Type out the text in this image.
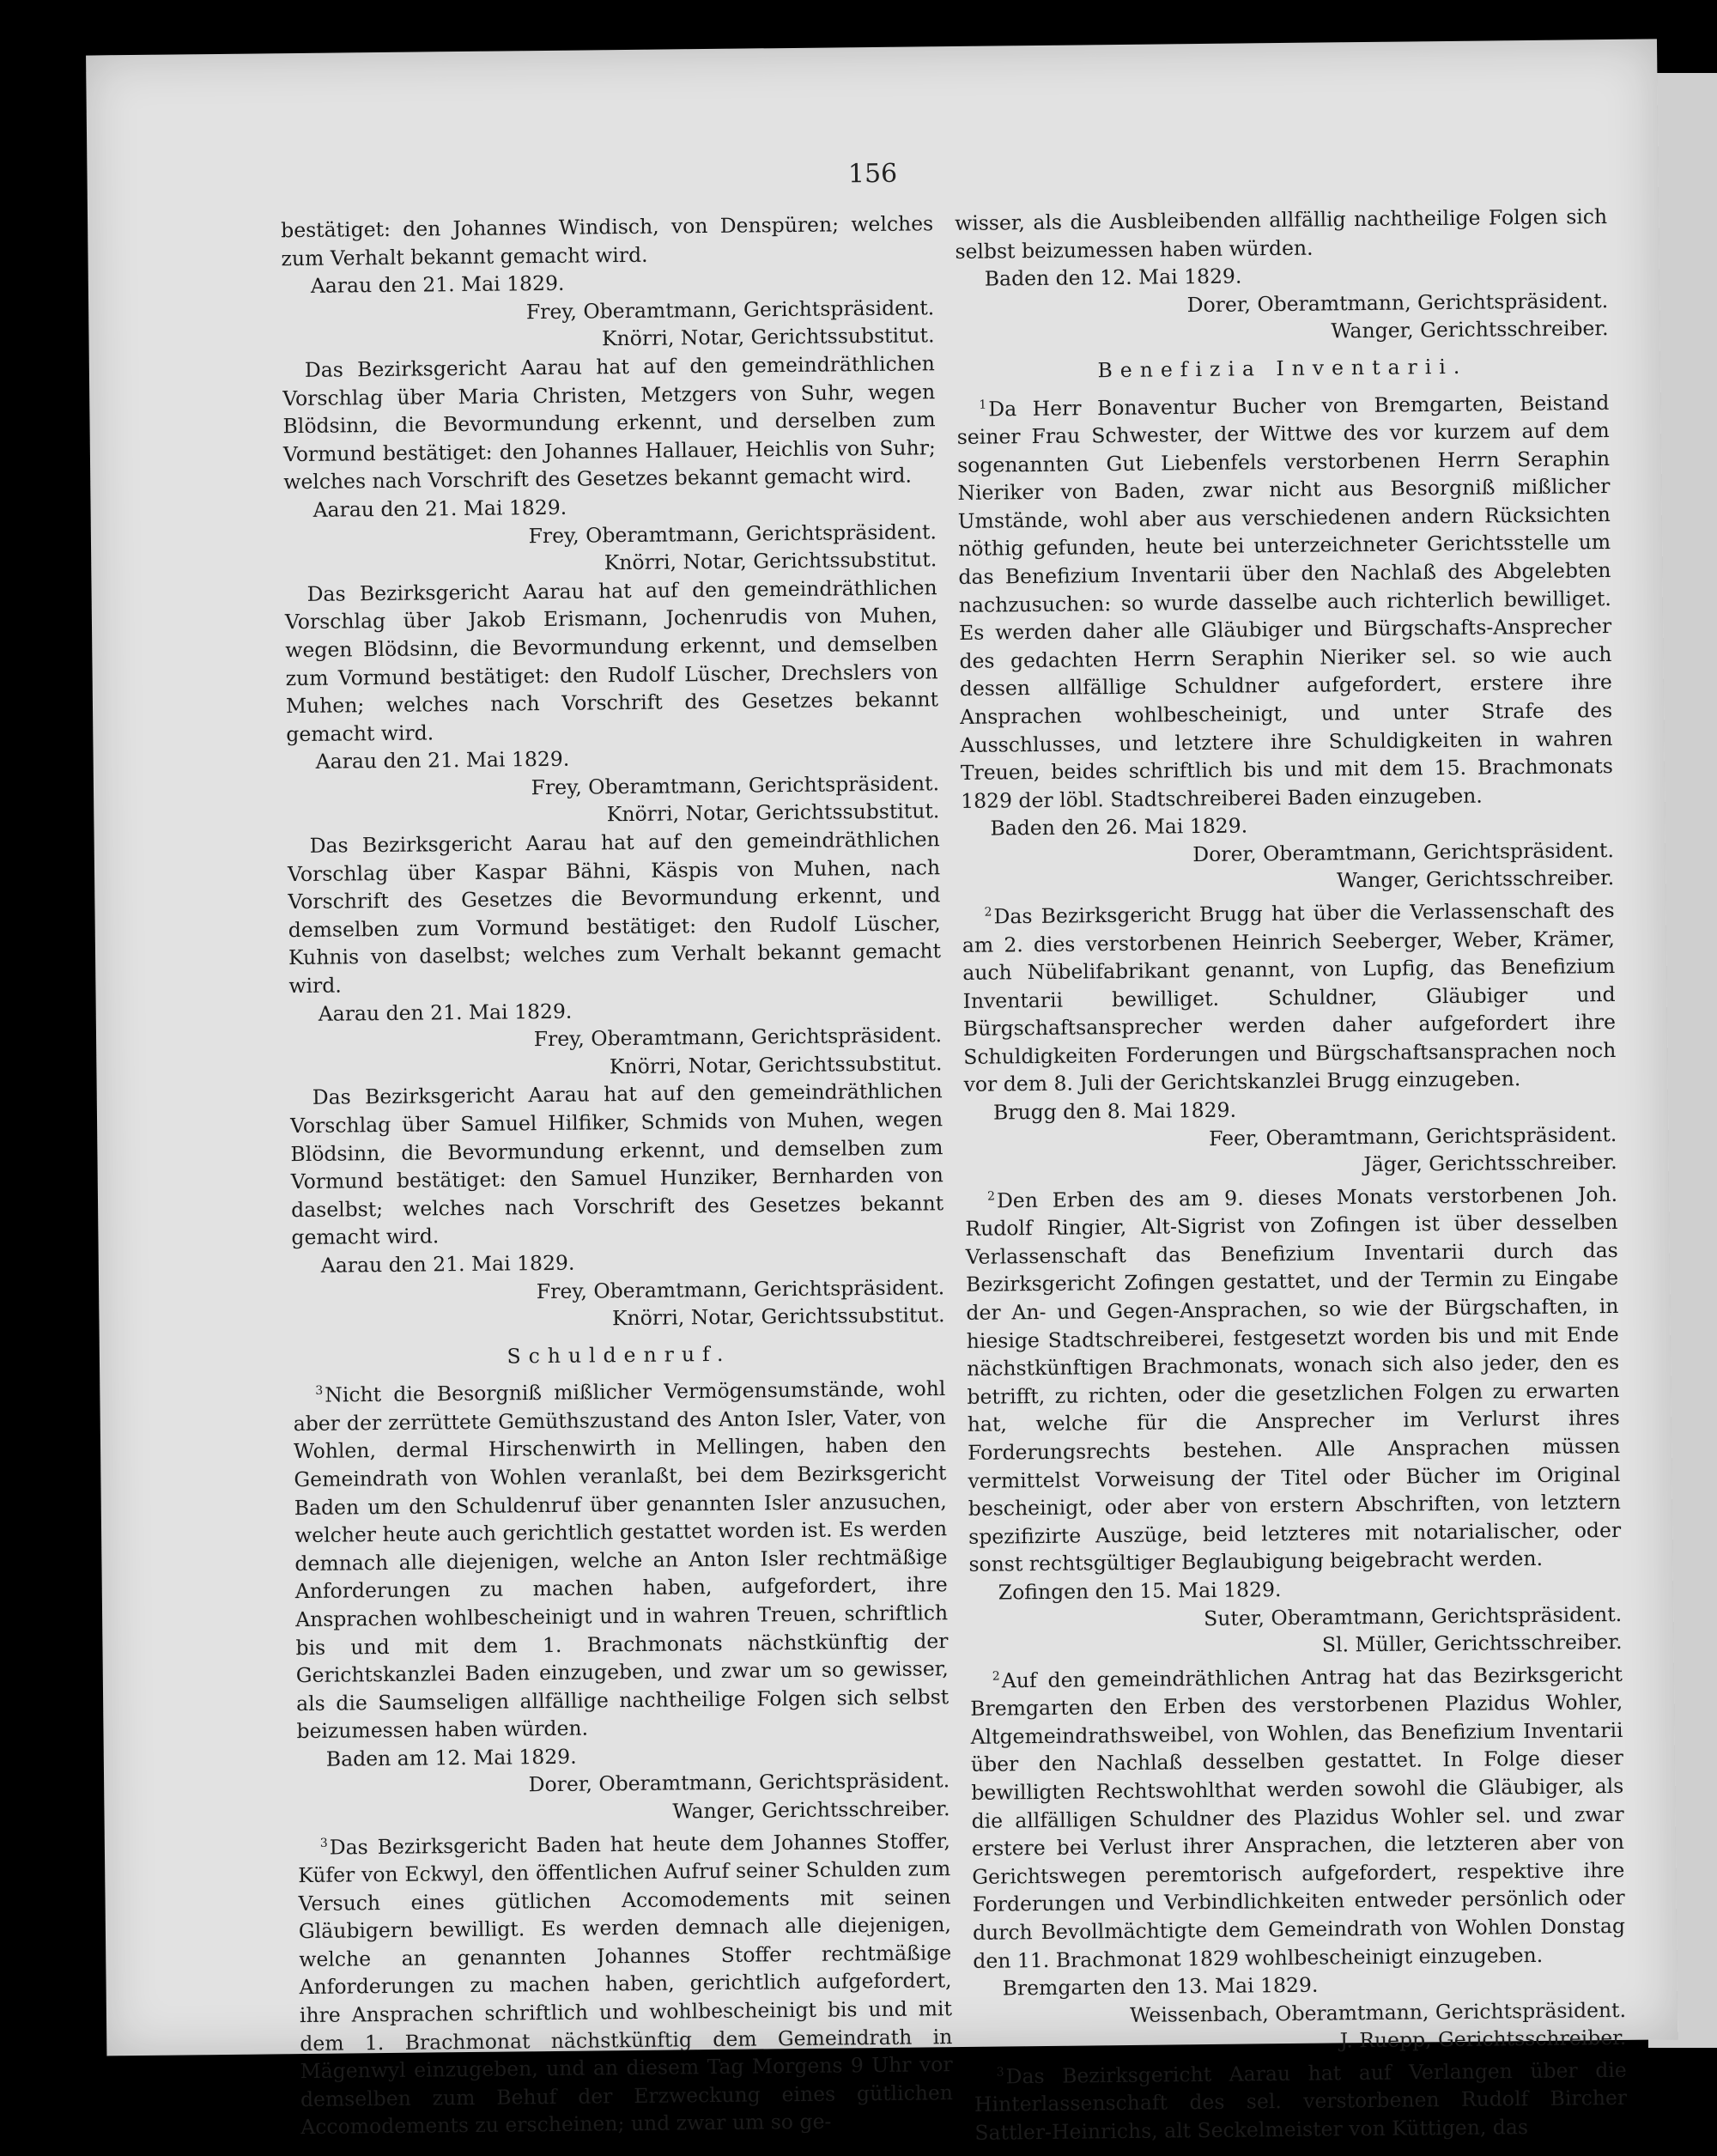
156
bestätiget: den Johannes Windisch, von Denspüren; welches zum Verhalt bekannt gemacht wird.
Aarau den 21. Mai 1829.
Frey, Oberamtmann, Gerichtspräsident.
Knörri, Notar, Gerichtssubstitut.
Das Bezirksgericht Aarau hat auf den gemeindräthlichen Vorschlag über Maria Christen, Metzgers von Suhr, wegen Blödsinn, die Bevormundung erkennt, und derselben zum Vormund bestätiget: den Johannes Hallauer, Heichlis von Suhr; welches nach Vorschrift des Gesetzes bekannt gemacht wird.
Aarau den 21. Mai 1829.
Frey, Oberamtmann, Gerichtspräsident.
Knörri, Notar, Gerichtssubstitut.
Das Bezirksgericht Aarau hat auf den gemeindräthlichen Vorschlag über Jakob Erismann, Jochenrudis von Muhen, wegen Blödsinn, die Bevormundung erkennt, und demselben zum Vormund bestätiget: den Rudolf Lüscher, Drechslers von Muhen; welches nach Vorschrift des Gesetzes bekannt gemacht wird.
Aarau den 21. Mai 1829.
Frey, Oberamtmann, Gerichtspräsident.
Knörri, Notar, Gerichtssubstitut.
Das Bezirksgericht Aarau hat auf den gemeindräthlichen Vorschlag über Kaspar Bähni, Käspis von Muhen, nach Vorschrift des Gesetzes die Bevormundung erkennt, und demselben zum Vormund bestätiget: den Rudolf Lüscher, Kuhnis von daselbst; welches zum Verhalt bekannt gemacht wird.
Aarau den 21. Mai 1829.
Frey, Oberamtmann, Gerichtspräsident.
Knörri, Notar, Gerichtssubstitut.
Das Bezirksgericht Aarau hat auf den gemeindräthlichen Vorschlag über Samuel Hilfiker, Schmids von Muhen, wegen Blödsinn, die Bevormundung erkennt, und demselben zum Vormund bestätiget: den Samuel Hunziker, Bernharden von daselbst; welches nach Vorschrift des Gesetzes bekannt gemacht wird.
Aarau den 21. Mai 1829.
Frey, Oberamtmann, Gerichtspräsident.
Knörri, Notar, Gerichtssubstitut.
Schuldenruf.
$^3$Nicht die Besorgniß mißlicher Vermögensumstände, wohl aber der zerrüttete Gemüthszustand des Anton Isler, Vater, von Wohlen, dermal Hirschenwirth in Mellingen, haben den Gemeindrath von Wohlen veranlaßt, bei dem Bezirksgericht Baden um den Schuldenruf über genannten Isler anzusuchen, welcher heute auch gerichtlich gestattet worden ist. Es werden demnach alle diejenigen, welche an Anton Isler rechtmäßige Anforderungen zu machen haben, aufgefordert, ihre Ansprachen wohlbescheinigt und in wahren Treuen, schriftlich bis und mit dem 1. Brachmonats nächstkünftig der Gerichtskanzlei Baden einzugeben, und zwar um so gewisser, als die Saumseligen allfällige nachtheilige Folgen sich selbst beizumessen haben würden.
Baden am 12. Mai 1829.
Dorer, Oberamtmann, Gerichtspräsident.
Wanger, Gerichtsschreiber.
$^3$Das Bezirksgericht Baden hat heute dem Johannes Stoffer, Küfer von Eckwyl, den öffentlichen Aufruf seiner Schulden zum Versuch eines gütlichen Accomodements mit seinen Gläubigern bewilligt. Es werden demnach alle diejenigen, welche an genannten Johannes Stoffer rechtmäßige Anforderungen zu machen haben, gerichtlich aufgefordert, ihre Ansprachen schriftlich und wohlbescheinigt bis und mit dem 1. Brachmonat nächstkünftig dem Gemeindrath in Mägenwyl einzugeben, und an diesem Tag Morgens 9 Uhr vor demselben zum Behuf der Erzweckung eines gütlichen Accomodements zu erscheinen; und zwar um so ge-
wisser, als die Ausbleibenden allfällig nachtheilige Folgen sich selbst beizumessen haben würden.
Baden den 12. Mai 1829.
Dorer, Oberamtmann, Gerichtspräsident.
Wanger, Gerichtsschreiber.
Benefizia Inventarii.
$^1$Da Herr Bonaventur Bucher von Bremgarten, Beistand seiner Frau Schwester, der Wittwe des vor kurzem auf dem sogenannten Gut Liebenfels verstorbenen Herrn Seraphin Nieriker von Baden, zwar nicht aus Besorgniß mißlicher Umstände, wohl aber aus verschiedenen andern Rücksichten nöthig gefunden, heute bei unterzeichneter Gerichtsstelle um das Benefizium Inventarii über den Nachlaß des Abgelebten nachzusuchen: so wurde dasselbe auch richterlich bewilliget. Es werden daher alle Gläubiger und Bürgschafts-Ansprecher des gedachten Herrn Seraphin Nieriker sel. so wie auch dessen allfällige Schuldner aufgefordert, erstere ihre Ansprachen wohlbescheinigt, und unter Strafe des Ausschlusses, und letztere ihre Schuldigkeiten in wahren Treuen, beides schriftlich bis und mit dem 15. Brachmonats 1829 der löbl. Stadtschreiberei Baden einzugeben.
Baden den 26. Mai 1829.
Dorer, Oberamtmann, Gerichtspräsident.
Wanger, Gerichtsschreiber.
$^2$Das Bezirksgericht Brugg hat über die Verlassenschaft des am 2. dies verstorbenen Heinrich Seeberger, Weber, Krämer, auch Nübelifabrikant genannt, von Lupfig, das Benefizium Inventarii bewilliget. Schuldner, Gläubiger und Bürgschaftsansprecher werden daher aufgefordert ihre Schuldigkeiten Forderungen und Bürgschaftsansprachen noch vor dem 8. Juli der Gerichtskanzlei Brugg einzugeben.
Brugg den 8. Mai 1829.
Feer, Oberamtmann, Gerichtspräsident.
Jäger, Gerichtsschreiber.
$^2$Den Erben des am 9. dieses Monats verstorbenen Joh. Rudolf Ringier, Alt-Sigrist von Zofingen ist über desselben Verlassenschaft das Benefizium Inventarii durch das Bezirksgericht Zofingen gestattet, und der Termin zu Eingabe der An- und Gegen-Ansprachen, so wie der Bürgschaften, in hiesige Stadtschreiberei, festgesetzt worden bis und mit Ende nächstkünftigen Brachmonats, wonach sich also jeder, den es betrifft, zu richten, oder die gesetzlichen Folgen zu erwarten hat, welche für die Ansprecher im Verlurst ihres Forderungsrechts bestehen. Alle Ansprachen müssen vermittelst Vorweisung der Titel oder Bücher im Original bescheinigt, oder aber von erstern Abschriften, von letztern spezifizirte Auszüge, beid letzteres mit notarialischer, oder sonst rechtsgültiger Beglaubigung beigebracht werden.
Zofingen den 15. Mai 1829.
Suter, Oberamtmann, Gerichtspräsident.
Sl. Müller, Gerichtsschreiber.
$^2$Auf den gemeindräthlichen Antrag hat das Bezirksgericht Bremgarten den Erben des verstorbenen Plazidus Wohler, Altgemeindrathsweibel, von Wohlen, das Benefizium Inventarii über den Nachlaß desselben gestattet. In Folge dieser bewilligten Rechtswohlthat werden sowohl die Gläubiger, als die allfälligen Schuldner des Plazidus Wohler sel. und zwar erstere bei Verlust ihrer Ansprachen, die letzteren aber von Gerichtswegen peremtorisch aufgefordert, respektive ihre Forderungen und Verbindlichkeiten entweder persönlich oder durch Bevollmächtigte dem Gemeindrath von Wohlen Donstag den 11. Brachmonat 1829 wohlbescheinigt einzugeben.
Bremgarten den 13. Mai 1829.
Weissenbach, Oberamtmann, Gerichtspräsident.
J. Ruepp, Gerichtsschreiber.
$^3$Das Bezirksgericht Aarau hat auf Verlangen über die Hinterlassenschaft des sel. verstorbenen Rudolf Bircher Sattler-Heinrichs, alt Seckelmeister von Küttigen, das
